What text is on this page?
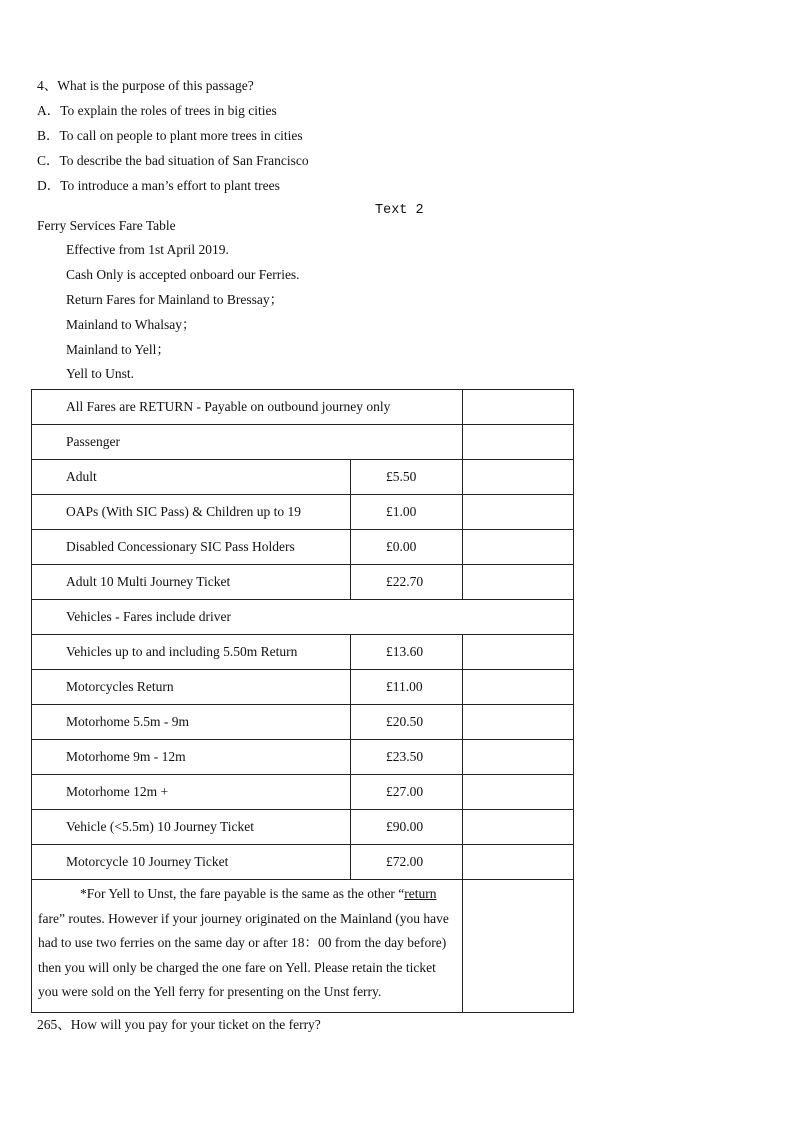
4、What is the purpose of this passage?
A．To explain the roles of trees in big cities
B．To call on people to plant more trees in cities
C．To describe the bad situation of San Francisco
D．To introduce a man’s effort to plant trees
Text 2
Ferry Services Fare Table
Effective from 1st April 2019.
Cash Only is accepted onboard our Ferries.
Return Fares for Mainland to Bressay；
Mainland to Whalsay；
Mainland to Yell；
Yell to Unst.
All Fares are RETURN - Payable on outbound journey only		
Passenger		
Adult	£5.50	
OAPs (With SIC Pass) & Children up to 19	£1.00	
Disabled Concessionary SIC Pass Holders	£0.00	
Adult 10 Multi Journey Ticket	£22.70	
Vehicles - Fares include driver		
Vehicles up to and including 5.50m Return	£13.60	
Motorcycles Return	£11.00	
Motorhome 5.5m - 9m	£20.50	
Motorhome 9m - 12m	£23.50	
Motorhome 12m +	£27.00	
Vehicle (<5.5m) 10 Journey Ticket	£90.00	
Motorcycle 10 Journey Ticket	£72.00	
*For Yell to Unst, the fare payable is the same as the other “return fare” routes. However if your journey originated on the Mainland (you have had to use two ferries on the same day or after 18：00 from the day before) then you will only be charged the one fare on Yell. Please retain the ticket you were sold on the Yell ferry for presenting on the Unst ferry.		
265、How will you pay for your ticket on the ferry?
